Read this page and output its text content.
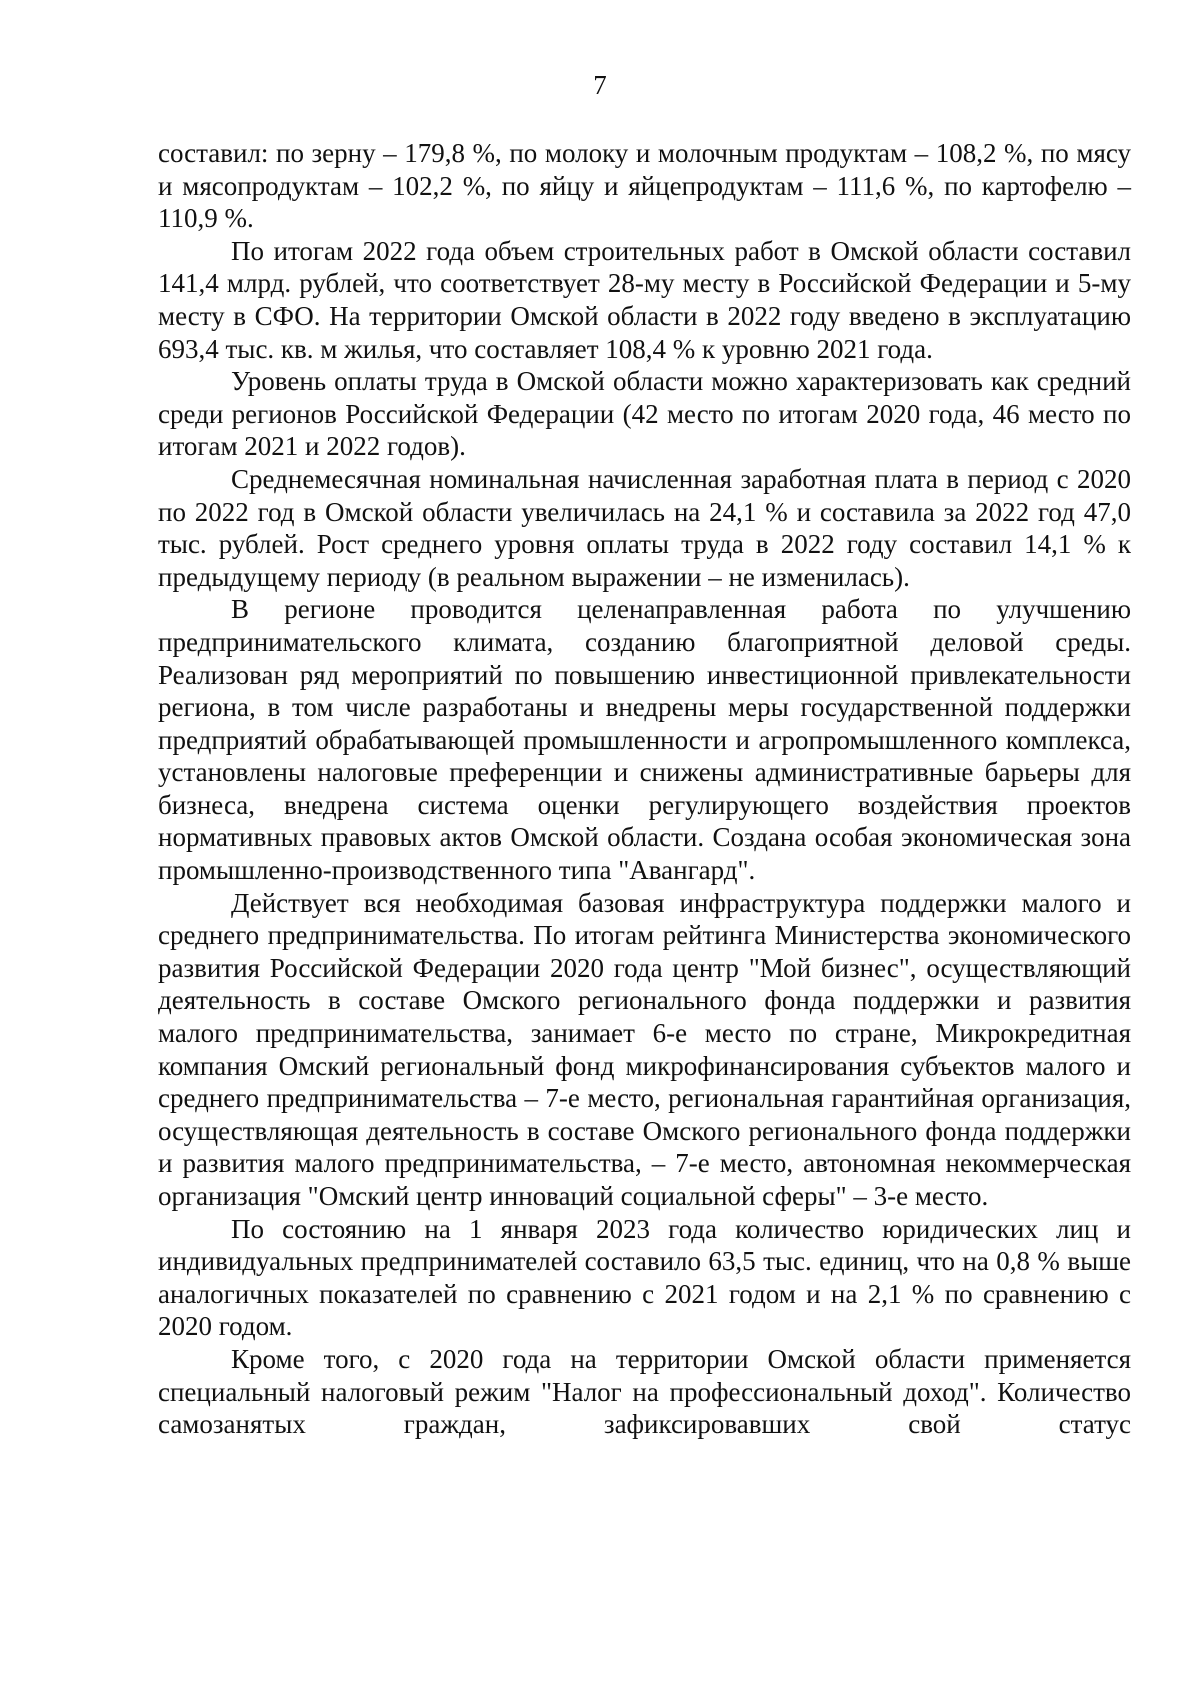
7

составил: по зерну – 179,8 %, по молоку и молочным продуктам – 108,2 %, по мясу и мясопродуктам – 102,2 %, по яйцу и яйцепродуктам – 111,6 %, по картофелю – 110,9 %.

По итогам 2022 года объем строительных работ в Омской области составил 141,4 млрд. рублей, что соответствует 28-му месту в Российской Федерации и 5-му месту в СФО. На территории Омской области в 2022 году введено в эксплуатацию 693,4 тыс. кв. м жилья, что составляет 108,4 % к уровню 2021 года.

Уровень оплаты труда в Омской области можно характеризовать как средний среди регионов Российской Федерации (42 место по итогам 2020 года, 46 место по итогам 2021 и 2022 годов).

Среднемесячная номинальная начисленная заработная плата в период с 2020 по 2022 год в Омской области увеличилась на 24,1 % и составила за 2022 год 47,0 тыс. рублей. Рост среднего уровня оплаты труда в 2022 году составил 14,1 % к предыдущему периоду (в реальном выражении – не изменилась).

В регионе проводится целенаправленная работа по улучшению предпринимательского климата, созданию благоприятной деловой среды. Реализован ряд мероприятий по повышению инвестиционной привлекательности региона, в том числе разработаны и внедрены меры государственной поддержки предприятий обрабатывающей промышленности и агропромышленного комплекса, установлены налоговые преференции и снижены административные барьеры для бизнеса, внедрена система оценки регулирующего воздействия проектов нормативных правовых актов Омской области. Создана особая экономическая зона промышленно-производственного типа "Авангард".

Действует вся необходимая базовая инфраструктура поддержки малого и среднего предпринимательства. По итогам рейтинга Министерства экономического развития Российской Федерации 2020 года центр "Мой бизнес", осуществляющий деятельность в составе Омского регионального фонда поддержки и развития малого предпринимательства, занимает 6-е место по стране, Микрокредитная компания Омский региональный фонд микрофинансирования субъектов малого и среднего предпринимательства – 7-е место, региональная гарантийная организация, осуществляющая деятельность в составе Омского регионального фонда поддержки и развития малого предпринимательства, – 7-е место, автономная некоммерческая организация "Омский центр инноваций социальной сферы" – 3-е место.

По состоянию на 1 января 2023 года количество юридических лиц и индивидуальных предпринимателей составило 63,5 тыс. единиц, что на 0,8 % выше аналогичных показателей по сравнению с 2021 годом и на 2,1 % по сравнению с 2020 годом.

Кроме того, с 2020 года на территории Омской области применяется специальный налоговый режим "Налог на профессиональный доход". Количество самозанятых граждан, зафиксировавших свой статус
